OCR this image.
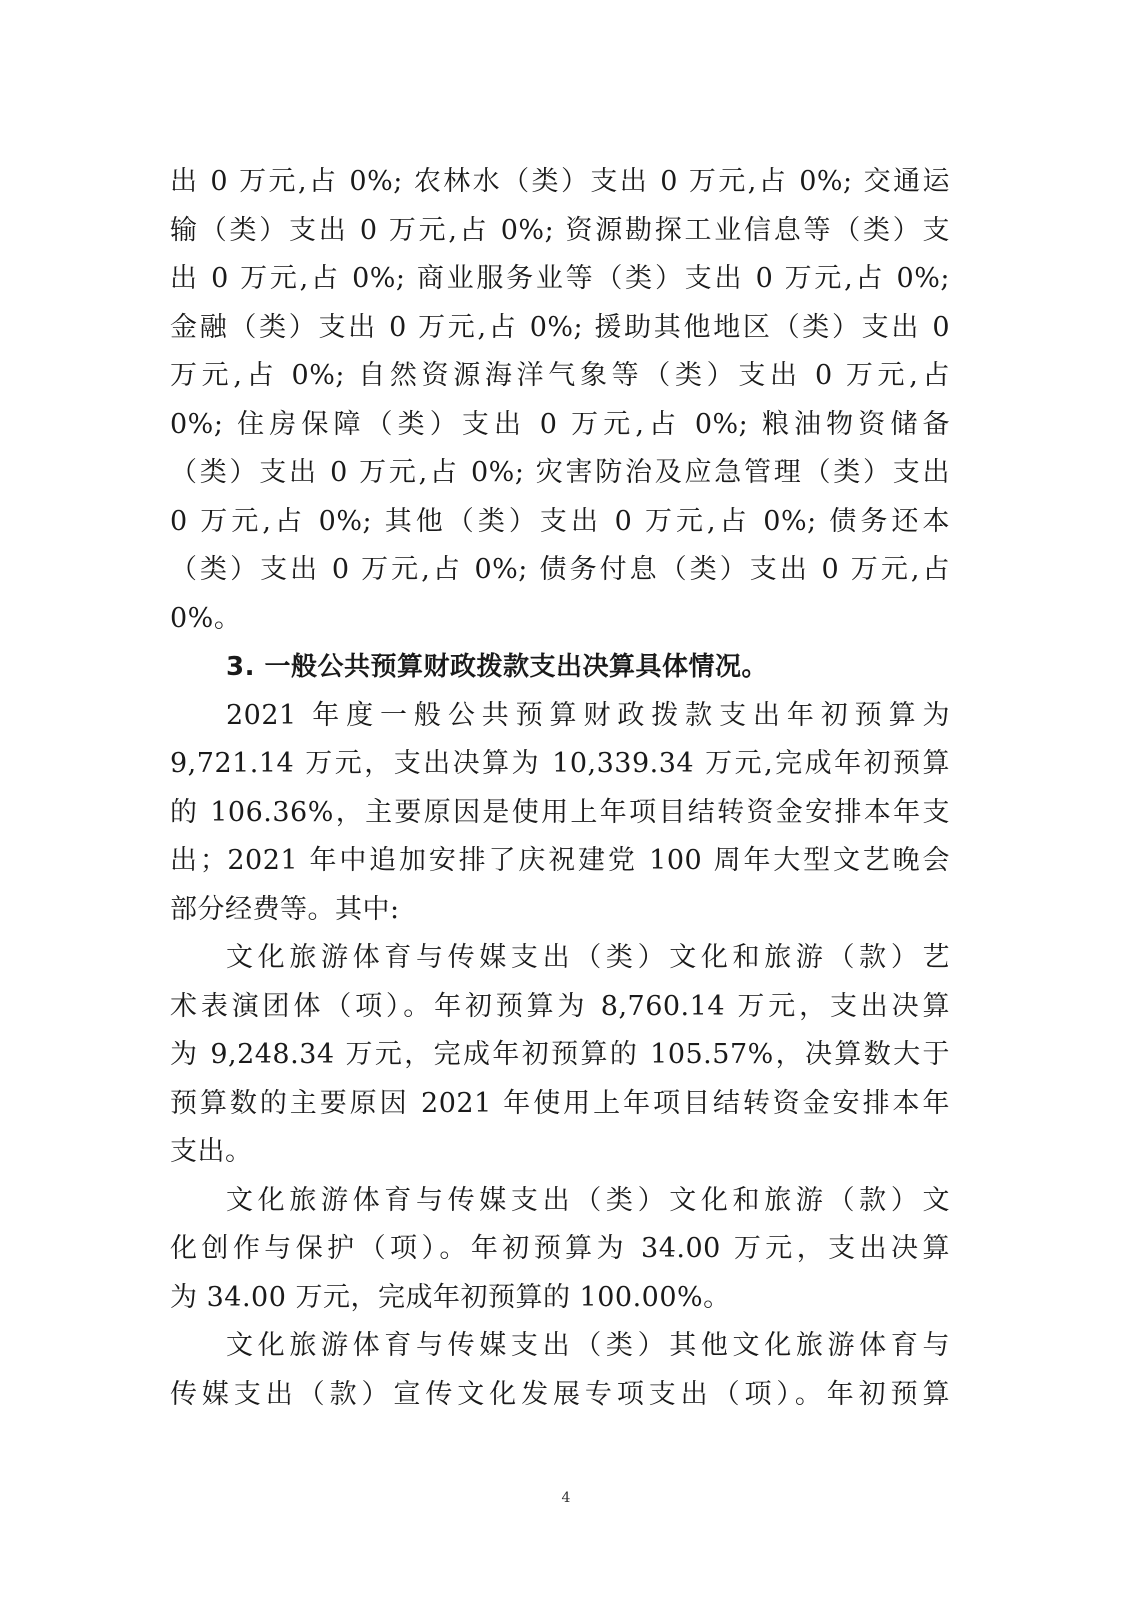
出 0 万元,占 0%; 农林水（类）支出 0 万元,占 0%; 交通运
输（类）支出 0 万元,占 0%; 资源勘探工业信息等（类）支
出 0 万元,占 0%; 商业服务业等（类）支出 0 万元,占 0%;
金融（类）支出 0 万元,占 0%; 援助其他地区（类）支出 0
万元,占 0%; 自然资源海洋气象等（类）支出 0 万元,占
0%; 住房保障（类）支出 0 万元,占 0%; 粮油物资储备
（类）支出 0 万元,占 0%; 灾害防治及应急管理（类）支出
0 万元,占 0%; 其他（类）支出 0 万元,占 0%; 债务还本
（类）支出 0 万元,占 0%; 债务付息（类）支出 0 万元,占
0%。
3. 一般公共预算财政拨款支出决算具体情况。
2021 年度一般公共预算财政拨款支出年初预算为
9,721.14 万元，支出决算为 10,339.34 万元,完成年初预算
的 106.36%，主要原因是使用上年项目结转资金安排本年支
出；2021 年中追加安排了庆祝建党 100 周年大型文艺晚会
部分经费等。其中:
文化旅游体育与传媒支出（类）文化和旅游（款）艺
术表演团体（项）。年初预算为 8,760.14 万元，支出决算
为 9,248.34 万元，完成年初预算的 105.57%，决算数大于
预算数的主要原因 2021 年使用上年项目结转资金安排本年
支出。
文化旅游体育与传媒支出（类）文化和旅游（款）文
化创作与保护（项）。年初预算为 34.00 万元，支出决算
为 34.00 万元，完成年初预算的 100.00%。
文化旅游体育与传媒支出（类）其他文化旅游体育与
传媒支出（款）宣传文化发展专项支出（项）。年初预算
4
